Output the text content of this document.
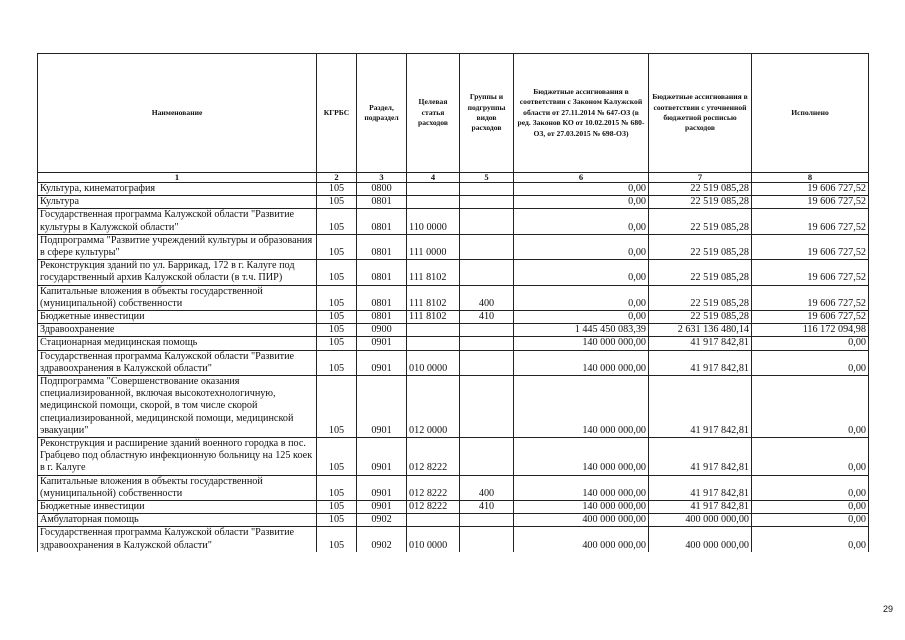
Наименование	КГРБС	Раздел, подраздел	Целевая статья расходов	Группы и подгруппы видов расходов	Бюджетные ассигнования в соответствии с Законом Калужской области от 27.11.2014 № 647-ОЗ (в ред. Законов КО от 10.02.2015 № 680-ОЗ, от 27.03.2015 № 698-ОЗ)	Бюджетные ассигнования в соответствии с уточненной бюджетной росписью расходов	Исполнено
1	2	3	4	5	6	7	8
Культура, кинематография	105	0800			0,00	22 519 085,28	19 606 727,52
Культура	105	0801			0,00	22 519 085,28	19 606 727,52
Государственная программа Калужской области "Развитие культуры в Калужской области"	105	0801	110 0000		0,00	22 519 085,28	19 606 727,52
Подпрограмма "Развитие учреждений культуры и образования в сфере культуры"	105	0801	111 0000		0,00	22 519 085,28	19 606 727,52
Реконструкция зданий по ул. Баррикад, 172 в г. Калуге под государственный архив Калужской области (в т.ч. ПИР)	105	0801	111 8102		0,00	22 519 085,28	19 606 727,52
Капитальные вложения в объекты государственной (муниципальной) собственности	105	0801	111 8102	400	0,00	22 519 085,28	19 606 727,52
Бюджетные инвестиции	105	0801	111 8102	410	0,00	22 519 085,28	19 606 727,52
Здравоохранение	105	0900			1 445 450 083,39	2 631 136 480,14	116 172 094,98
Стационарная медицинская помощь	105	0901			140 000 000,00	41 917 842,81	0,00
Государственная программа Калужской области "Развитие здравоохранения в Калужской области"	105	0901	010 0000		140 000 000,00	41 917 842,81	0,00
Подпрограмма "Совершенствование оказания специализированной, включая высокотехнологичную, медицинской помощи, скорой, в том числе скорой специализированной, медицинской помощи, медицинской эвакуации"	105	0901	012 0000		140 000 000,00	41 917 842,81	0,00
Реконструкция и расширение зданий военного городка в пос. Грабцево под областную инфекционную больницу на 125 коек в г. Калуге	105	0901	012 8222		140 000 000,00	41 917 842,81	0,00
Капитальные вложения в объекты государственной (муниципальной) собственности	105	0901	012 8222	400	140 000 000,00	41 917 842,81	0,00
Бюджетные инвестиции	105	0901	012 8222	410	140 000 000,00	41 917 842,81	0,00
Амбулаторная помощь	105	0902			400 000 000,00	400 000 000,00	0,00
Государственная программа Калужской области "Развитие здравоохранения в Калужской области"	105	0902	010 0000		400 000 000,00	400 000 000,00	0,00
29
